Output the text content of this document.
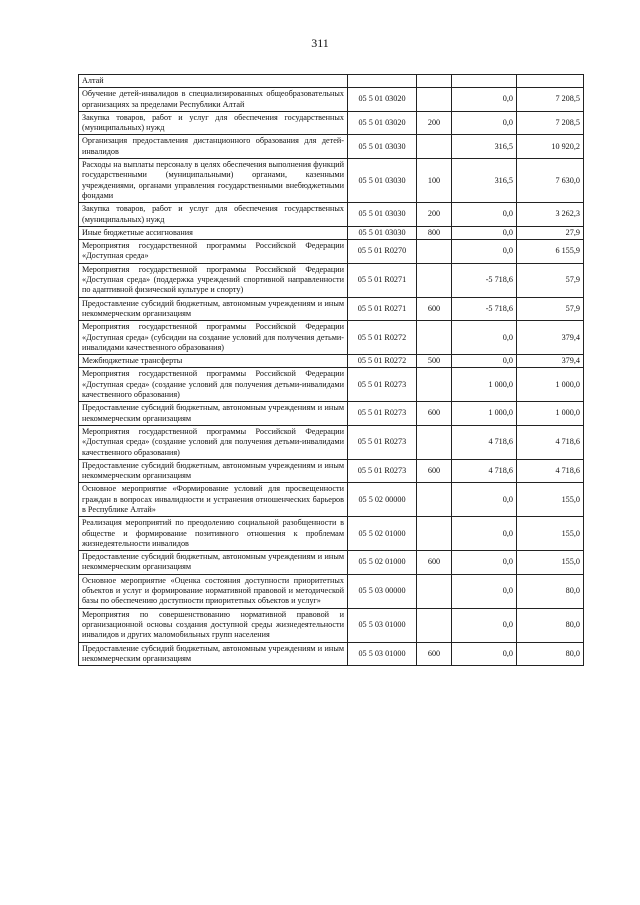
311
Алтай				
Обучение детей-инвалидов в специализированных общеобразовательных организациях за пределами Республики Алтай	05 5 01 03020		0,0	7 208,5
Закупка товаров, работ и услуг для обеспечения государственных (муниципальных) нужд	05 5 01 03020	200	0,0	7 208,5
Организация предоставления дистанционного образования для детей-инвалидов	05 5 01 03030		316,5	10 920,2
Расходы на выплаты персоналу в целях обеспечения выполнения функций государственными (муниципальными) органами, казенными учреждениями, органами управления государственными внебюджетными фондами	05 5 01 03030	100	316,5	7 630,0
Закупка товаров, работ и услуг для обеспечения государственных (муниципальных) нужд	05 5 01 03030	200	0,0	3 262,3
Иные бюджетные ассигнования	05 5 01 03030	800	0,0	27,9
Мероприятия государственной программы Российской Федерации «Доступная среда»	05 5 01 R0270		0,0	6 155,9
Мероприятия государственной программы Российской Федерации «Доступная среда» (поддержка учреждений спортивной направленности по адаптивной физической культуре и спорту)	05 5 01 R0271		-5 718,6	57,9
Предоставление субсидий бюджетным, автономным учреждениям и иным некоммерческим организациям	05 5 01 R0271	600	-5 718,6	57,9
Мероприятия государственной программы Российской Федерации «Доступная среда» (субсидии на создание условий для получения детьми-инвалидами качественного образования)	05 5 01 R0272		0,0	379,4
Межбюджетные трансферты	05 5 01 R0272	500	0,0	379,4
Мероприятия государственной программы Российской Федерации «Доступная среда» (создание условий для получения детьми-инвалидами качественного образования)	05 5 01 R0273		1 000,0	1 000,0
Предоставление субсидий бюджетным, автономным учреждениям и иным некоммерческим организациям	05 5 01 R0273	600	1 000,0	1 000,0
Мероприятия государственной программы Российской Федерации «Доступная среда» (создание условий для получения детьми-инвалидами качественного образования)	05 5 01 R0273		4 718,6	4 718,6
Предоставление субсидий бюджетным, автономным учреждениям и иным некоммерческим организациям	05 5 01 R0273	600	4 718,6	4 718,6
Основное мероприятие «Формирование условий для просвещенности граждан в вопросах инвалидности и устранения отношенческих барьеров в Республике Алтай»	05 5 02 00000		0,0	155,0
Реализация мероприятий по преодолению социальной разобщенности в обществе и формирование позитивного отношения к проблемам жизнедеятельности инвалидов	05 5 02 01000		0,0	155,0
Предоставление субсидий бюджетным, автономным учреждениям и иным некоммерческим организациям	05 5 02 01000	600	0,0	155,0
Основное мероприятие «Оценка состояния доступности приоритетных объектов и услуг и формирование нормативной правовой и методической базы по обеспечению доступности приоритетных объектов и услуг»	05 5 03 00000		0,0	80,0
Мероприятия по совершенствованию нормативной правовой и организационной основы создания доступной среды жизнедеятельности инвалидов и других маломобильных групп населения	05 5 03 01000		0,0	80,0
Предоставление субсидий бюджетным, автономным учреждениям и иным некоммерческим организациям	05 5 03 01000	600	0,0	80,0
